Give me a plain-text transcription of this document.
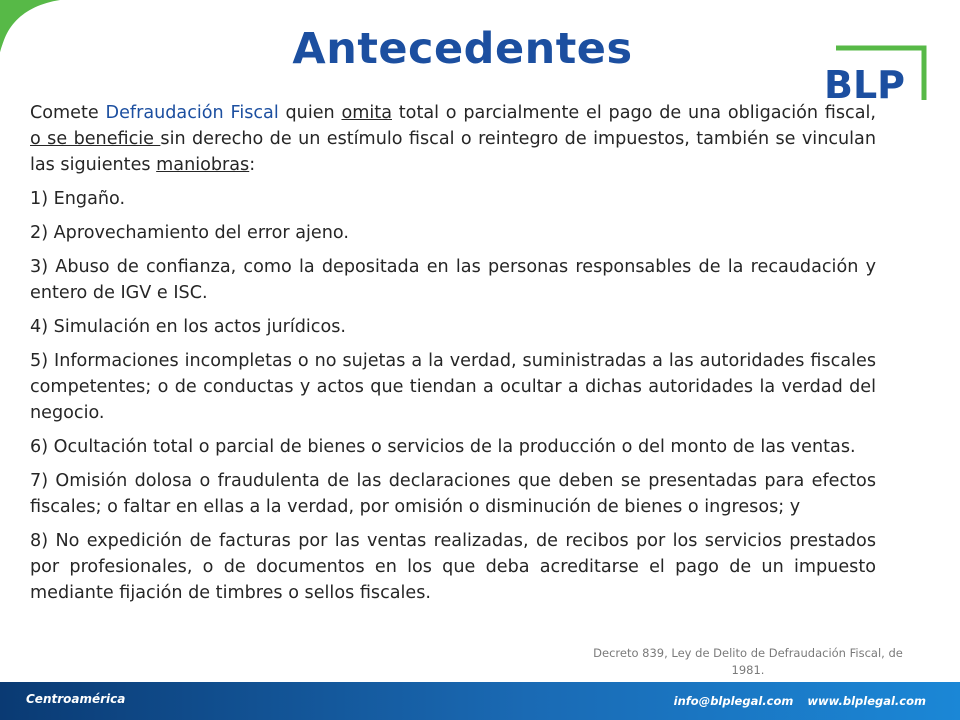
Antecedentes
BLP

Comete Defraudación Fiscal quien omita total o parcialmente el pago de una obligación fiscal, o se beneficie sin derecho de un estímulo fiscal o reintegro de impuestos, también se vinculan las siguientes maniobras:

1) Engaño.

2) Aprovechamiento del error ajeno.

3) Abuso de confianza, como la depositada en las personas responsables de la recaudación y entero de IGV e ISC.

4) Simulación en los actos jurídicos.

5) Informaciones incompletas o no sujetas a la verdad, suministradas a las autoridades fiscales competentes; o de conductas y actos que tiendan a ocultar a dichas autoridades la verdad del negocio.

6) Ocultación total o parcial de bienes o servicios de la producción o del monto de las ventas.

7) Omisión dolosa o fraudulenta de las declaraciones que deben se presentadas para efectos fiscales; o faltar en ellas a la verdad, por omisión o disminución de bienes o ingresos; y

8) No expedición de facturas por las ventas realizadas, de recibos por los servicios prestados por profesionales, o de documentos en los que deba acreditarse el pago de un impuesto mediante fijación de timbres o sellos fiscales.

Decreto 839, Ley de Delito de Defraudación Fiscal, de 1981.
Centroamérica	info@blplegal.com www.blplegal.com
